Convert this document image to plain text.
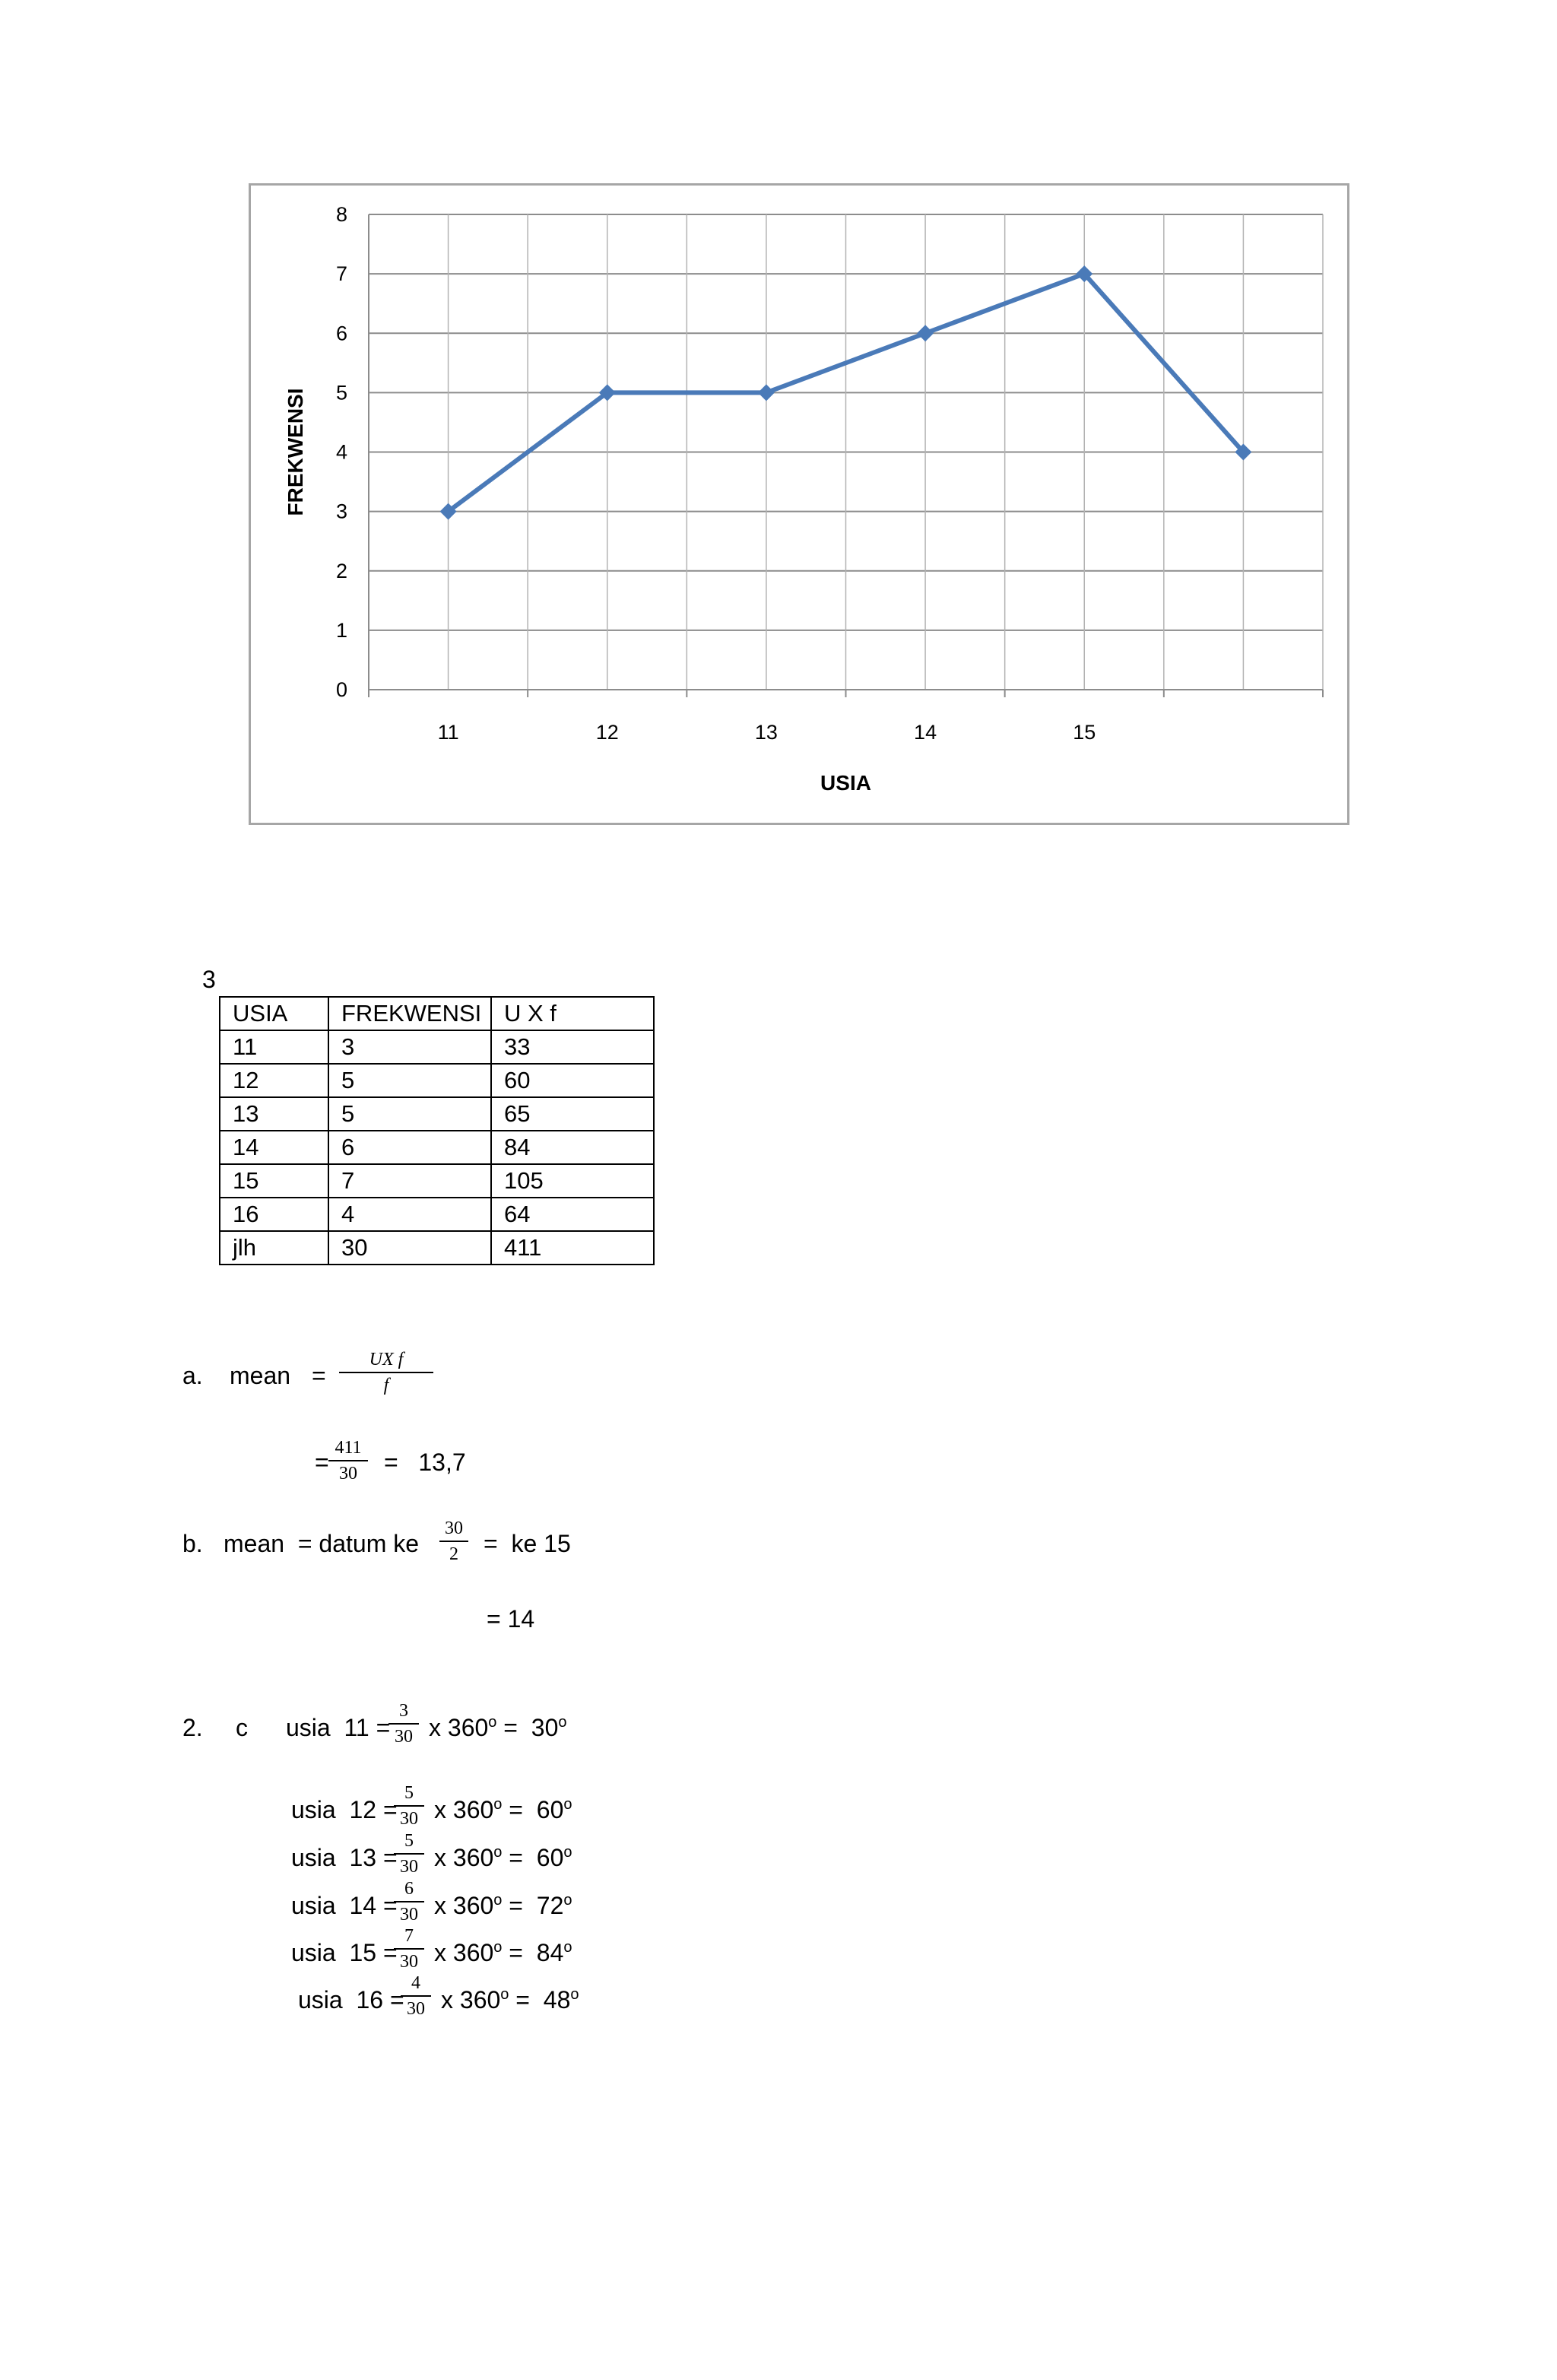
0
1
2
3
4
5
6
7
8
11	12	13	14	15
USIA
FREKWENSI
3
USIA	FREKWENSI	U X f
11	3	33
12	5	60
13	5	65
14	6	84
15	7	105
16	4	64
jlh	30	411
a. mean =
UX f
f
=
411
30 =   13,7
b. mean  = datum ke
30
2 =  ke 15
= 14
2. c usia  11 =
3
30 x $360^o = 30^o$
usia  12 =
5
30 x $360^o = 60^o$
usia  13 =
5
30 x $360^o = 60^o$
usia  14 =
6
30 x $360^o = 72^o$
usia  15 =
7
30 x $360^o = 84^o$
usia  16 =
4
30 x $360^o = 48^o$
